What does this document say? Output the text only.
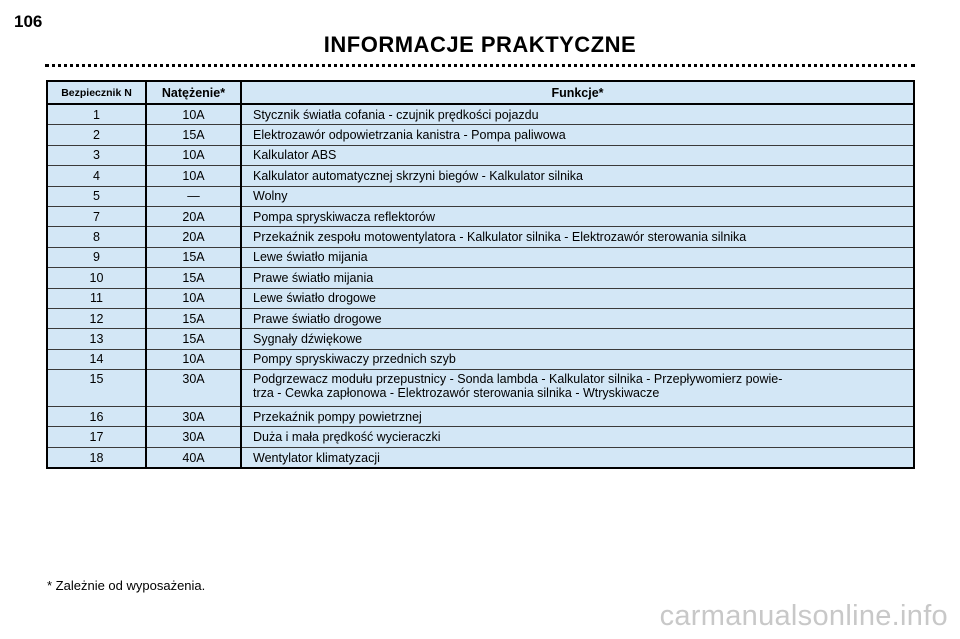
106
INFORMACJE PRAKTYCZNE
Bezpiecznik N	Natężenie*	Funkcje*
1	10A	Stycznik światła cofania - czujnik prędkości pojazdu
2	15A	Elektrozawór odpowietrzania kanistra - Pompa paliwowa
3	10A	Kalkulator ABS
4	10A	Kalkulator automatycznej skrzyni biegów - Kalkulator silnika
5	—	Wolny
7	20A	Pompa spryskiwacza reflektorów
8	20A	Przekaźnik zespołu motowentylatora - Kalkulator silnika - Elektrozawór sterowania silnika
9	15A	Lewe światło mijania
10	15A	Prawe światło mijania
11	10A	Lewe światło drogowe
12	15A	Prawe światło drogowe
13	15A	Sygnały dźwiękowe
14	10A	Pompy spryskiwaczy przednich szyb
15	30A	Podgrzewacz modułu przepustnicy - Sonda lambda - Kalkulator silnika - Przepływomierz powie-
trza - Cewka zapłonowa - Elektrozawór sterowania silnika - Wtryskiwacze

16	30A	Przekaźnik pompy powietrznej
17	30A	Duża i mała prędkość wycieraczki
18	40A	Wentylator klimatyzacji
* Zależnie od wyposażenia.
carmanualsonline.info
